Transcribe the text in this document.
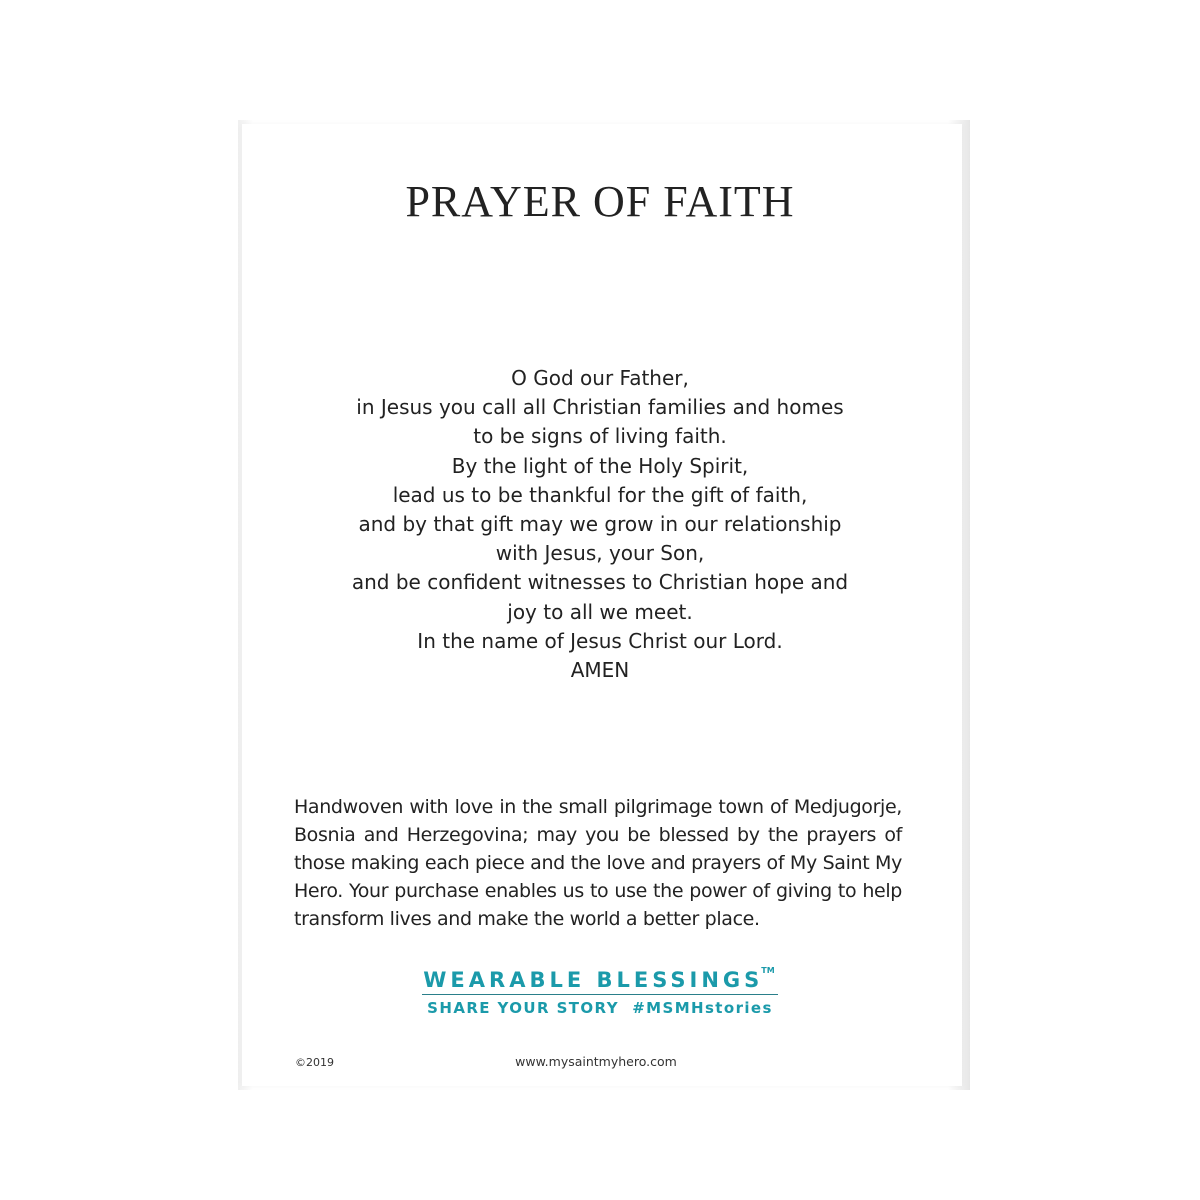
PRAYER OF FAITH
O God our Father,
in Jesus you call all Christian families and homes
to be signs of living faith.
By the light of the Holy Spirit,
lead us to be thankful for the gift of faith,
and by that gift may we grow in our relationship
with Jesus, your Son,
and be confident witnesses to Christian hope and
joy to all we meet.
In the name of Jesus Christ our Lord.
AMEN
Handwoven with love in the small pilgrimage town of Medjugorje, Bosnia and Herzegovina; may you be blessed by the prayers of those making each piece and the love and prayers of My Saint My Hero. Your purchase enables us to use the power of giving to help transform lives and make the world a better place.
WEARABLE BLESSINGS™
SHARE YOUR STORY  #MSMHstories
©2019	www.mysaintmyhero.com
